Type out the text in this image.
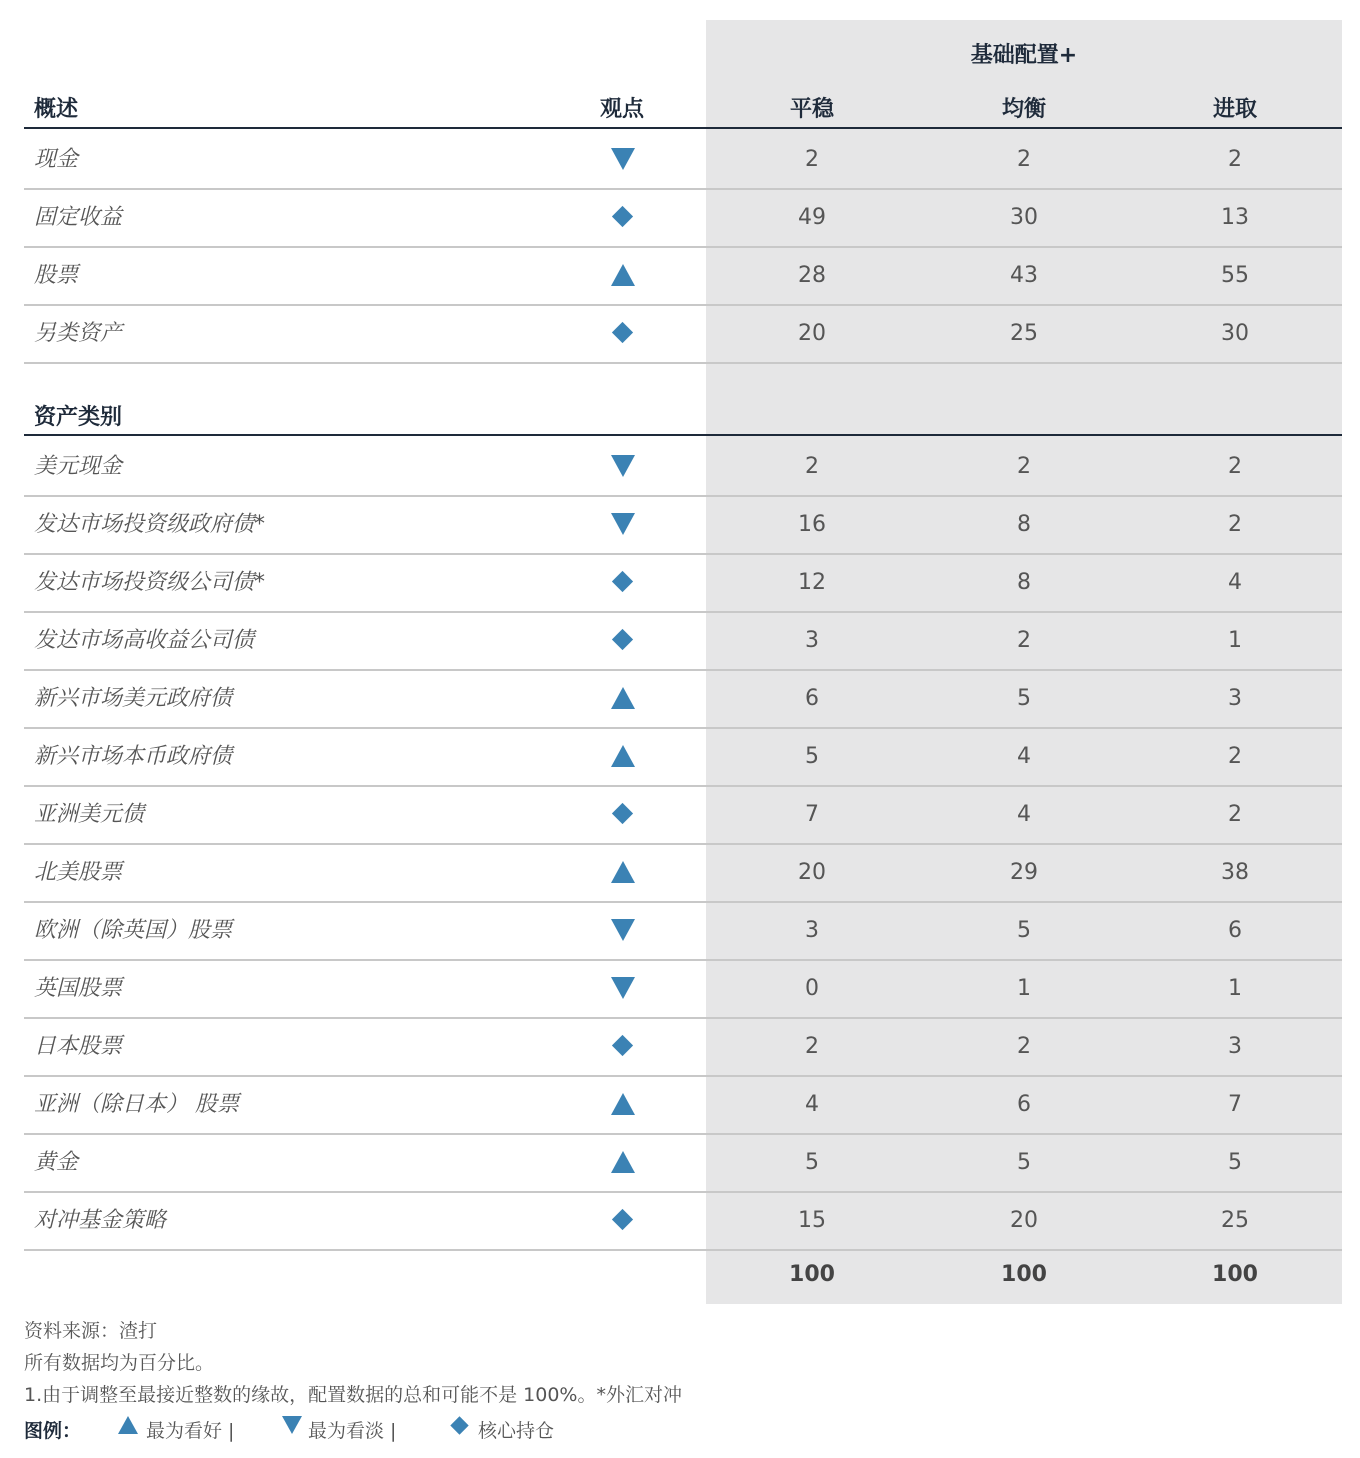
基础配置+
概述	观点	平稳	均衡	进取
现金	2	2	2
固定收益	49	30	13
股票	28	43	55
另类资产	20	25	30
资产类别
美元现金	2	2	2
发达市场投资级政府债*	16	8	2
发达市场投资级公司债*	12	8	4
发达市场高收益公司债	3	2	1
新兴市场美元政府债	6	5	3
新兴市场本币政府债	5	4	2
亚洲美元债	7	4	2
北美股票	20	29	38
欧洲（除英国）股票	3	5	6
英国股票	0	1	1
日本股票	2	2	3
亚洲（除日本） 股票	4	6	7
黄金	5	5	5
对冲基金策略	15	20	25
100	100	100
资料来源：渣打
所有数据均为百分比。
1.由于调整至最接近整数的缘故，配置数据的总和可能不是 100%。*外汇对冲
图例：	最为看好 |	最为看淡 |	核心持仓
